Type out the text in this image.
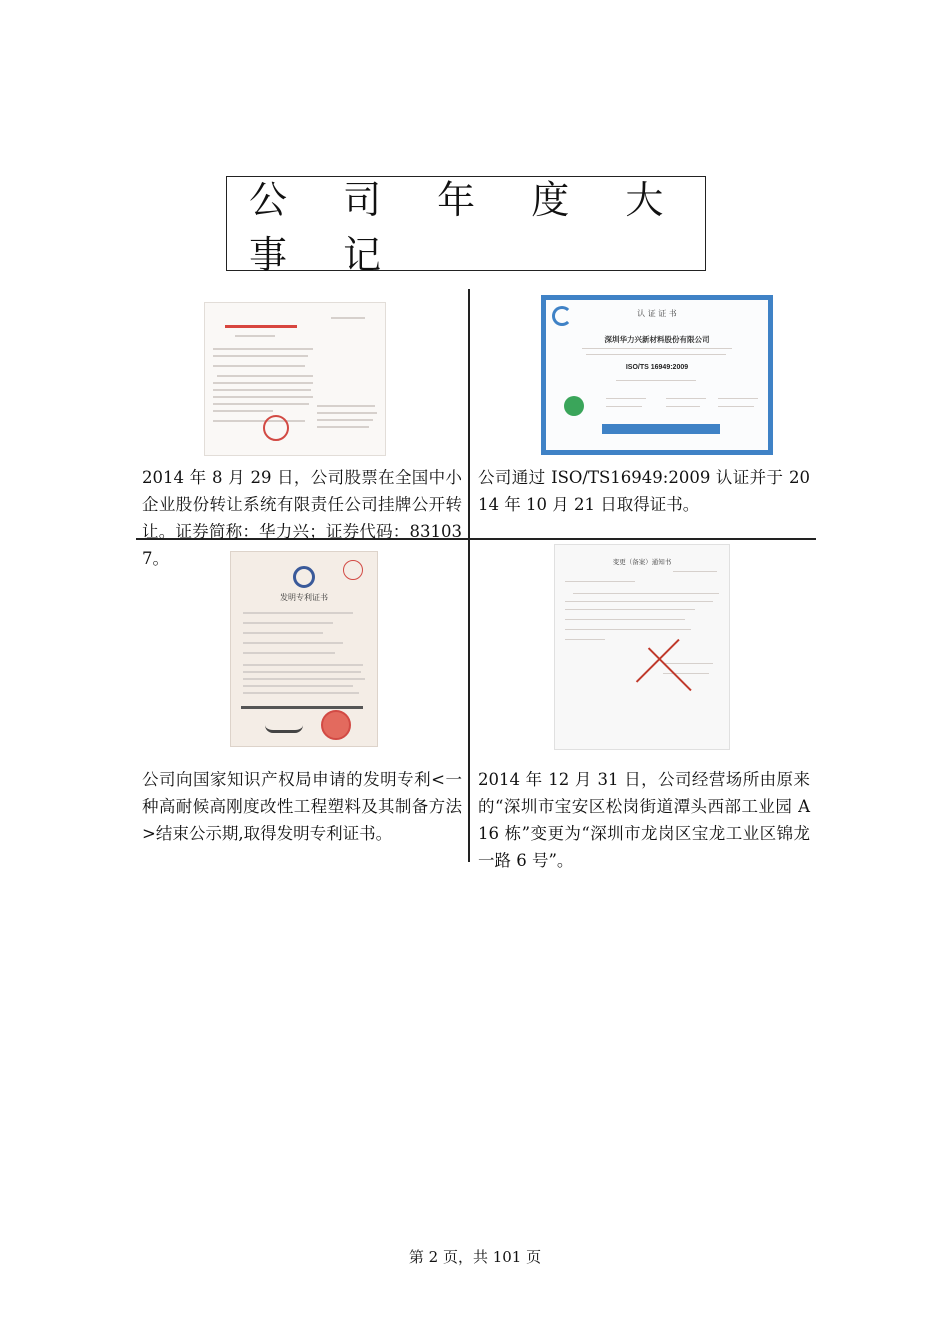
公 司 年 度 大 事 记
认 证 证 书
深圳华力兴新材料股份有限公司
ISO/TS 16949:2009
2014 年 8 月 29 日，公司股票在全国中小企业股份转让系统有限责任公司挂牌公开转让。证券简称：华力兴；证券代码：831037。
公司通过 ISO/TS16949:2009 认证并于 2014 年 10 月 21 日取得证书。
发明专利证书
变更（备案）通知书
公司向国家知识产权局申请的发明专利<一种高耐候高刚度改性工程塑料及其制备方法>结束公示期,取得发明专利证书。
2014 年 12 月 31 日，公司经营场所由原来的“深圳市宝安区松岗街道潭头西部工业园 A16 栋”变更为“深圳市龙岗区宝龙工业区锦龙一路 6 号”。
第 2 页，共 101 页
